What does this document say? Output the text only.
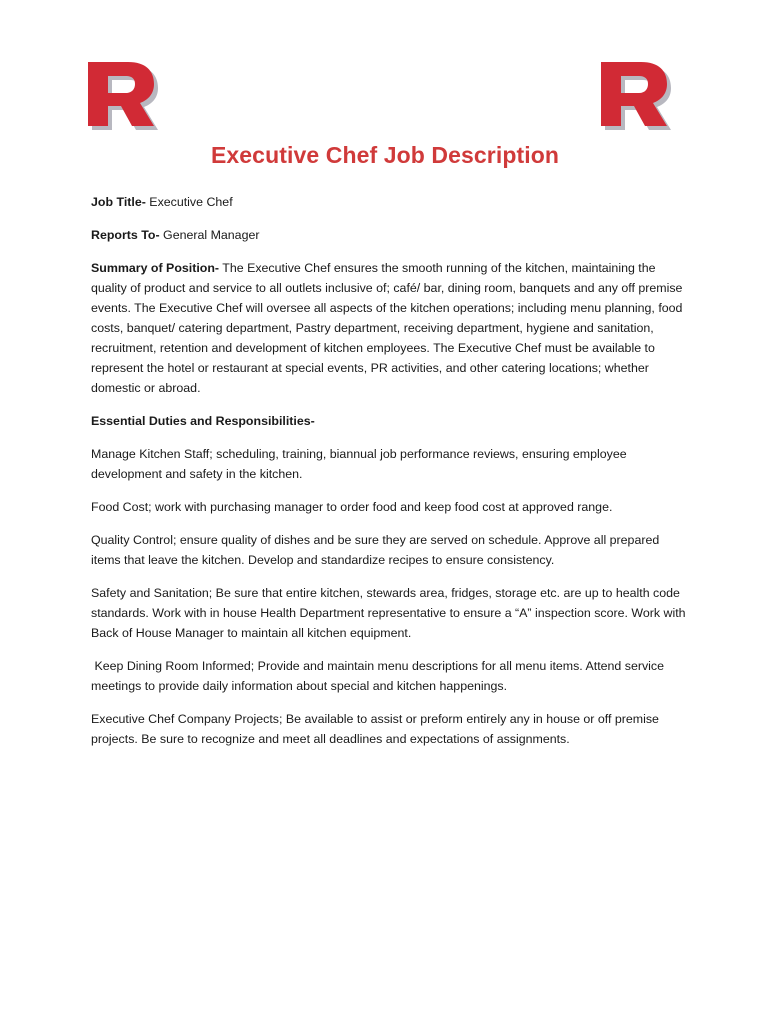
Executive Chef Job Description

Job Title- Executive Chef

Reports To- General Manager

Summary of Position- The Executive Chef ensures the smooth running of the kitchen, maintaining the quality of product and service to all outlets inclusive of; café/ bar, dining room, banquets and any off premise events. The Executive Chef will oversee all aspects of the kitchen operations; including menu planning, food costs, banquet/ catering department, Pastry department, receiving department, hygiene and sanitation, recruitment, retention and development of kitchen employees. The Executive Chef must be available to represent the hotel or restaurant at special events, PR activities, and other catering locations; whether domestic or abroad.

Essential Duties and Responsibilities-

Manage Kitchen Staff; scheduling, training, biannual job performance reviews, ensuring employee development and safety in the kitchen.

Food Cost; work with purchasing manager to order food and keep food cost at approved range.

Quality Control; ensure quality of dishes and be sure they are served on schedule. Approve all prepared items that leave the kitchen. Develop and standardize recipes to ensure consistency.

Safety and Sanitation; Be sure that entire kitchen, stewards area, fridges, storage etc. are up to health code standards. Work with in house Health Department representative to ensure a “A” inspection score. Work with Back of House Manager to maintain all kitchen equipment.

Keep Dining Room Informed; Provide and maintain menu descriptions for all menu items. Attend service meetings to provide daily information about special and kitchen happenings.

Executive Chef Company Projects; Be available to assist or preform entirely any in house or off premise projects. Be sure to recognize and meet all deadlines and expectations of assignments.
